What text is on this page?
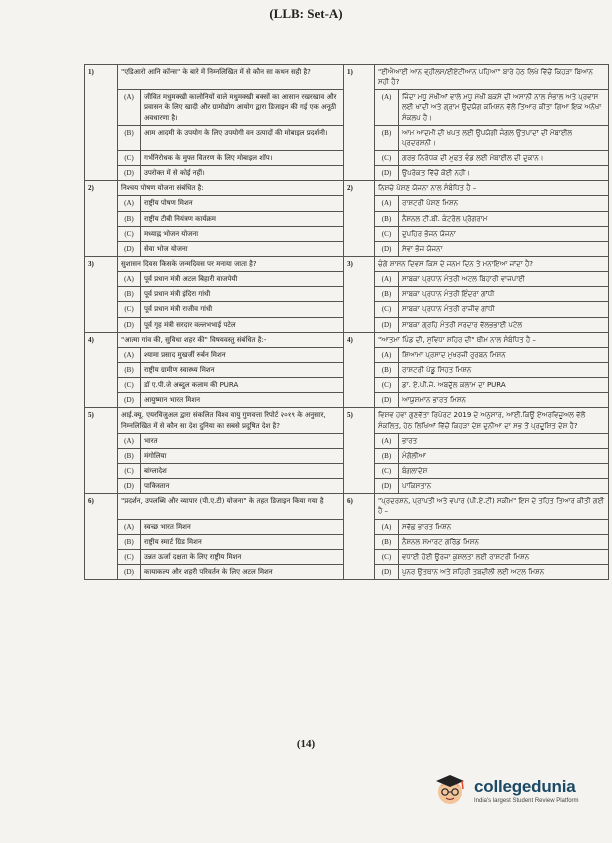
(LLB: Set-A)
1)	"एडिआरो आनि कॉन्स" के बारे में निम्नलिखित में से कौन सा कथन सही है?		1)	"ਈਐਆਈ ਆਨ ਵ੍ਹੀਲਸ/ਈਏਟੀਆਨ ਪਹਿਆ" ਬਾਰੇ ਹੇਠ ਲਿਖੇ ਵਿੱਚੋਂ ਕਿਹੜਾ ਬਿਆਨ ਸਹੀ ਹੈ?	
	(A)	जीवित मधुमक्खी कालोनियों वाले मधुमक्खी बक्सों का आसान रखरखाव और प्रवासन के लिए खादी और ग्रामोद्योग आयोग द्वारा डिजाइन की गई एक अनूठी अवधारणा है।		(A)	ਜਿੰਦਾ ਮਧੂ ਮੱਖੀਆਂ ਵਾਲੇ ਮਧੂ ਮੱਖੀ ਬਕਸੇ ਦੀ ਅਸਾਨੀ ਨਾਲ ਸੰਭਾਲ ਅਤੇ ਪ੍ਰਵਾਸ ਲਈ ਖਾਦੀ ਅਤੇ ਗ੍ਰਾਮ ਉਦਯੋਗ ਕਮਿਸ਼ਨ ਵੱਲੋਂ ਤਿਆਰ ਕੀਤਾ ਗਿਆ ਇਕ ਅਨੋਖਾ ਸੰਕਲਪ ਹੈ।
	(B)	आम आदमी के उपयोग के लिए उपयोगी वन उत्पादों की मोबाइल प्रदर्शनी।		(B)	ਆਮ ਆਦਮੀ ਦੀ ਖਪਤ ਲਈ ਉਪਯੋਗੀ ਜੰਗਲ ਉਤਪਾਦਾਂ ਦੀ ਮੋਬਾਈਲ ਪ੍ਰਦਰਸ਼ਨੀ।
	(C)	गर्भनिरोधक के मुफ्त वितरण के लिए मोबाइल शॉप।		(C)	ਗਰਭ ਨਿਰੋਧਕ ਦੀ ਮੁਫਤ ਵੰਡ ਲਈ ਮੋਬਾਈਲ ਦੀ ਦੁਕਾਨ।
	(D)	उपरोक्त में से कोई नहीं।		(D)	ਉਪਰੋਕਤ ਵਿੱਚੋਂ ਕੋਈ ਨਹੀਂ।
2)	निश्चय पोषण योजना संबंधित है:		2)	ਨਿਸ਼ਚੇ ਪੋਸ਼ਣ ਯੋਜਨਾ ਨਾਲ ਸੰਬੰਧਿਤ ਹੈ –	
	(A)	राष्ट्रीय पोषण मिशन		(A)	ਰਾਸ਼ਟਰੀ ਪੋਸ਼ਣ ਮਿਸ਼ਨ
	(B)	राष्ट्रीय टीबी नियंत्रण कार्यक्रम		(B)	ਨੈਸ਼ਨਲ ਟੀ.ਬੀ. ਕੰਟਰੋਲ ਪ੍ਰੋਗਰਾਮ
	(C)	मध्याह्न भोजन योजना		(C)	ਦੁਪਹਿਰ ਭੋਜਨ ਯੋਜਨਾ
	(D)	सेवा भोज योजना		(D)	ਸੇਵਾ ਭੋਜ ਯੋਜਨਾ
3)	सुशासन दिवस किसके जन्मदिवस पर मनाया जाता है?		3)	ਚੰਗੇ ਸ਼ਾਸਨ ਦਿਵਸ ਕਿਸ ਦੇ ਜਨਮ ਦਿਨ ਤੇ ਮਨਾਇਆ ਜਾਂਦਾ ਹੈ?	
	(A)	पूर्व प्रधान मंत्री अटल बिहारी वाजपेयी		(A)	ਸਾਬਕਾ ਪ੍ਰਧਾਨ ਮੰਤਰੀ ਅਟਲ ਬਿਹਾਰੀ ਵਾਜਪਾਈ
	(B)	पूर्व प्रधान मंत्री इंदिरा गांधी		(B)	ਸਾਬਕਾ ਪ੍ਰਧਾਨ ਮੰਤਰੀ ਇੰਦਰਾ ਗਾਂਧੀ
	(C)	पूर्व प्रधान मंत्री राजीव गांधी		(C)	ਸਾਬਕਾ ਪ੍ਰਧਾਨ ਮੰਤਰੀ ਰਾਜੀਵ ਗਾਂਧੀ
	(D)	पूर्व गृह मंत्री सरदार वल्लभभाई पटेल		(D)	ਸਾਬਕਾ ਗ੍ਰਹਿ ਮੰਤਰੀ ਸਰਦਾਰ ਵੱਲਭਭਾਈ ਪਟੇਲ
4)	"आत्मा गांव की, सुविधा शहर की" विषयवस्तु संबंधित है:-		4)	"ਆਤਮਾ ਪਿੰਡ ਦੀ, ਸੁਵਿਧਾ ਸ਼ਹਿਰ ਦੀ" ਥੀਮ ਨਾਲ ਸੰਬੰਧਿਤ ਹੈ –	
	(A)	श्यामा प्रसाद मुखर्जी रुर्बन मिशन		(A)	ਸ਼ਿਆਮਾ ਪ੍ਰਸਾਦ ਮੁਖਰਜੀ ਰੁਰਬਨ ਮਿਸ਼ਨ
	(B)	राष्ट्रीय ग्रामीण स्वास्थ्य मिशन		(B)	ਰਾਸ਼ਟਰੀ ਪੇਂਡੂ ਸਿਹਤ ਮਿਸ਼ਨ
	(C)	डॉ ए.पी.जे अब्दुल कलाम की PURA		(C)	ਡਾ. ਏ.ਪੀ.ਜੇ. ਅਬਦੁੱਲ ਕਲਾਮ ਦਾ PURA
	(D)	आयुष्मान भारत मिशन		(D)	ਆਯੁਸ਼ਮਾਨ ਭਾਰਤ ਮਿਸ਼ਨ
5)	आई.क्यू. एयरविजुअल द्वारा संकलित विश्व वायु गुणवत्ता रिपोर्ट २०१९ के अनुसार, निम्नलिखित में से कौन सा देश दुनिया का सबसे प्रदूषित देश है?		5)	ਵਿਸ਼ਵ ਹਵਾ ਗੁਣਵੱਤਾ ਰਿਪੋਰਟ 2019 ਦੇ ਅਨੁਸਾਰ, ਆਈ.ਕਿਊ ਏਅਰਵਿਜ਼ੂਅਲ ਵੱਲੋਂ ਸੰਕਲਿਤ, ਹੇਠ ਲਿਖਿਆਂ ਵਿੱਚੋਂ ਕਿਹੜਾ ਦੇਸ਼ ਦੁਨੀਆ ਦਾ ਸਭ ਤੋਂ ਪ੍ਰਦੂਸ਼ਿਤ ਦੇਸ਼ ਹੈ?	
	(A)	भारत		(A)	ਭਾਰਤ
	(B)	मंगोलिया		(B)	ਮੰਗੋਲੀਆ
	(C)	बांग्लादेश		(C)	ਬੰਗਲਾਦੇਸ਼
	(D)	पाकिस्तान		(D)	ਪਾਕਿਸਤਾਨ
6)	"प्रदर्शन, उपलब्धि और व्यापार (पी.ए.टी) योजना" के तहत डिजाइन किया गया है		6)	"ਪ੍ਰਦਰਸ਼ਨ, ਪ੍ਰਾਪਤੀ ਅਤੇ ਵਪਾਰ (ਪੀ.ਏ.ਟੀ) ਸਕੀਮ" ਇਸ ਦੇ ਤਹਿਤ ਤਿਆਰ ਕੀਤੀ ਗਈ ਹੈ –	
	(A)	स्वच्छ भारत मिशन		(A)	ਸਵੱਛ ਭਾਰਤ ਮਿਸ਼ਨ
	(B)	राष्ट्रीय स्मार्ट ग्रिड मिशन		(B)	ਨੈਸ਼ਨਲ ਸਮਾਰਟ ਗਰਿੱਡ ਮਿਸ਼ਨ
	(C)	उन्नत ऊर्जा दक्षता के लिए राष्ट्रीय मिशन		(C)	ਵਧਾਈ ਹੋਈ ਊਰਜਾ ਕੁਸ਼ਲਤਾ ਲਈ ਰਾਸ਼ਟਰੀ ਮਿਸ਼ਨ
	(D)	कायाकल्प और शहरी परिवर्तन के लिए अटल मिशन		(D)	ਪੁਨਰ ਉਤਥਾਨ ਅਤੇ ਸ਼ਹਿਰੀ ਤਬਦੀਲੀ ਲਈ ਅਟਲ ਮਿਸ਼ਨ
(14)
collegedunia
India's largest Student Review Platform
